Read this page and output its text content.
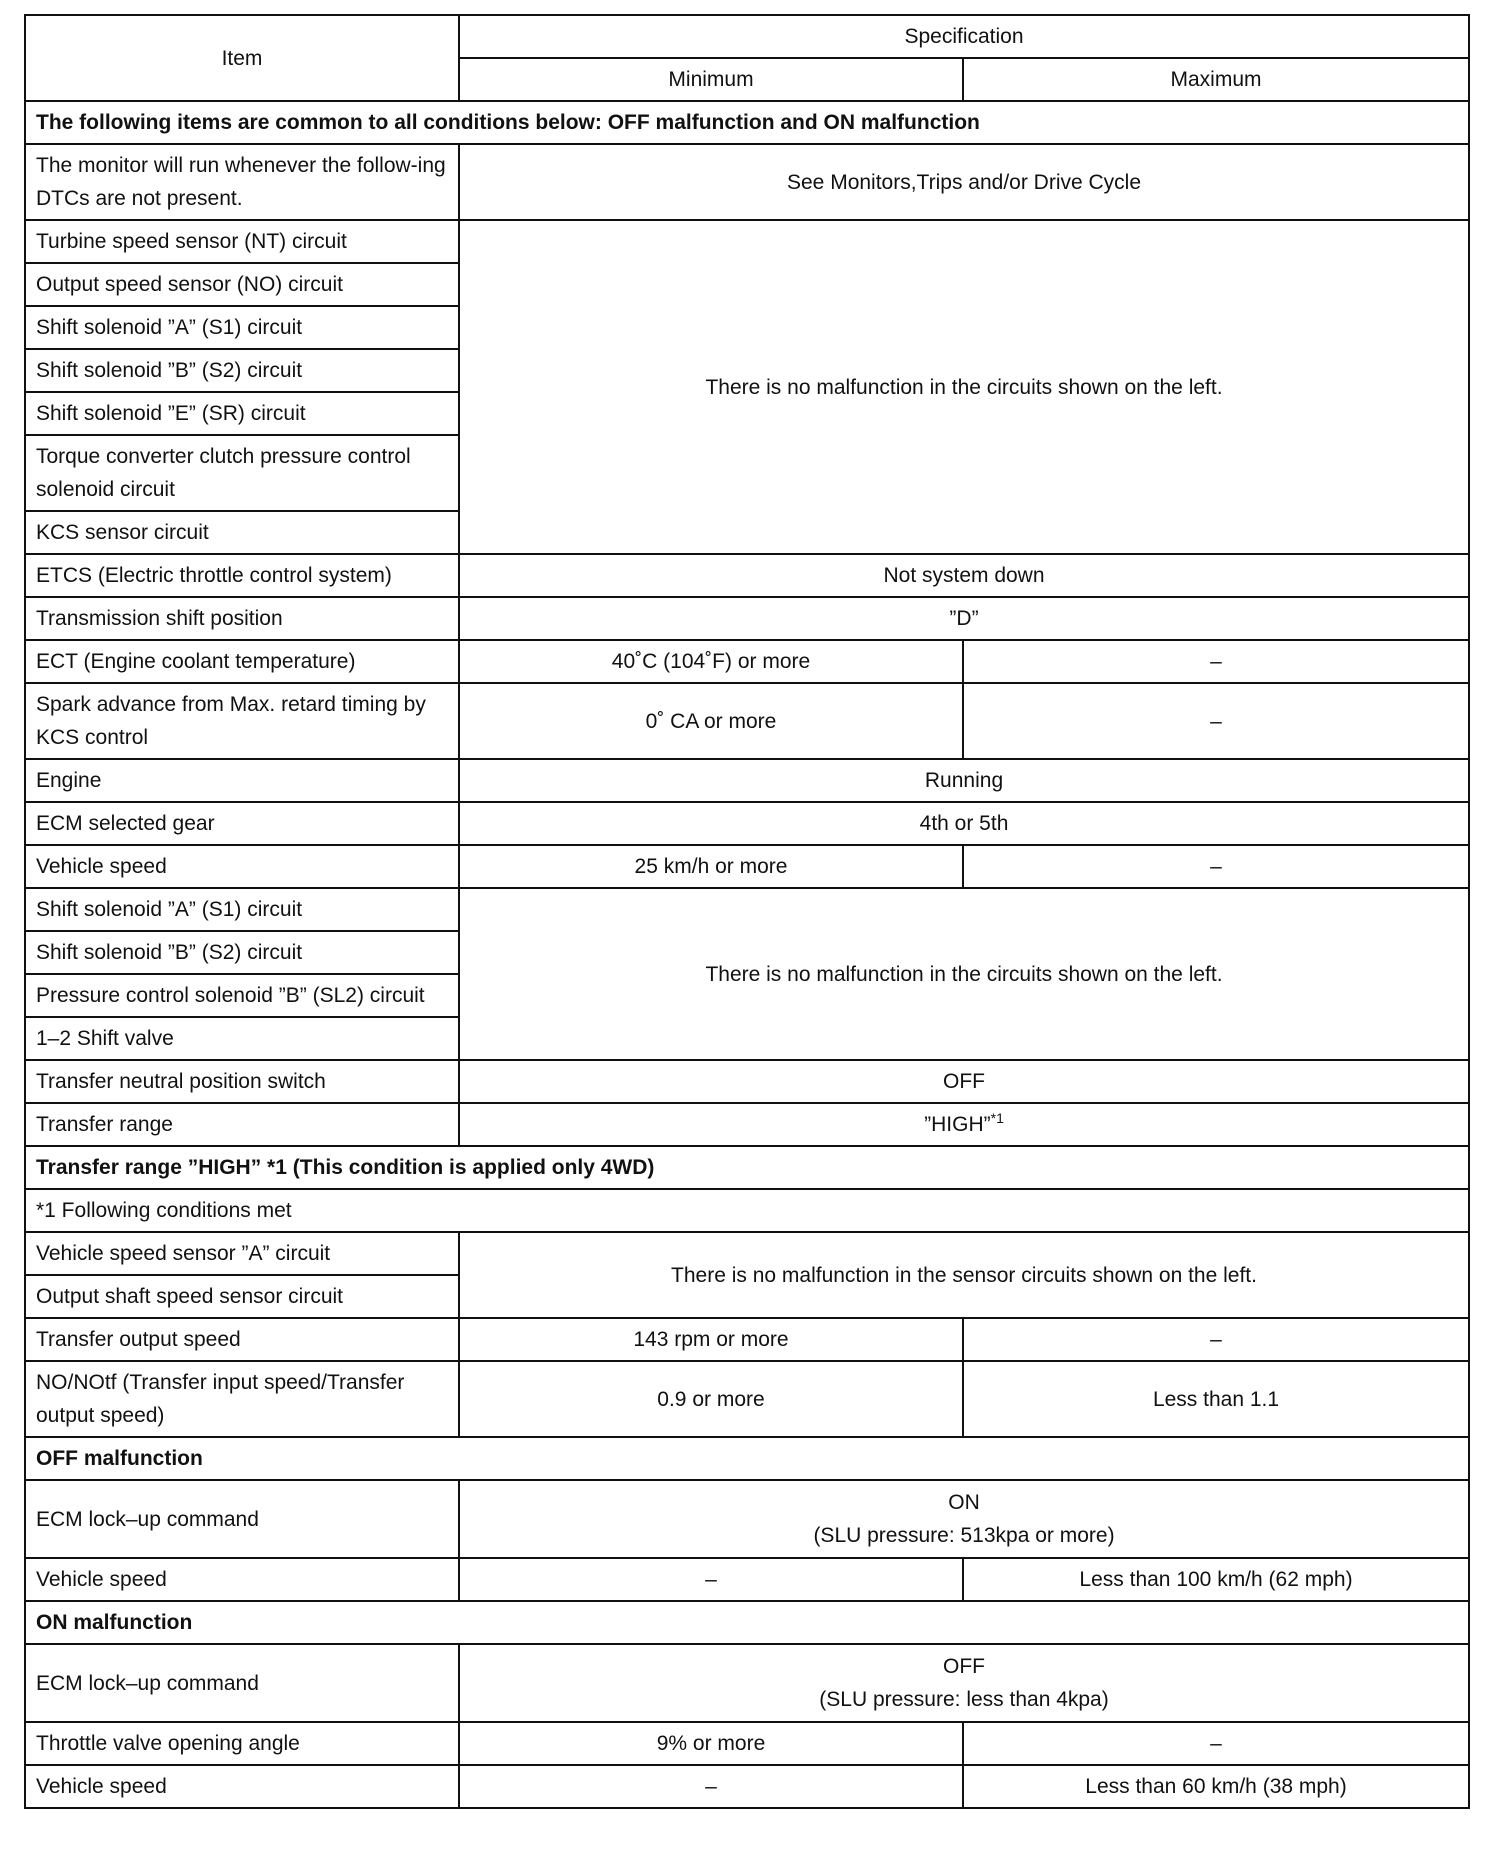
Item	Specification	
	Minimum	Maximum
The following items are common to all conditions below: OFF malfunction and ON malfunction		
The monitor will run whenever the follow-ing DTCs are not present.	See Monitors,Trips and/or Drive Cycle	
Turbine speed sensor (NT) circuit	There is no malfunction in the circuits shown on the left.	
Output speed sensor (NO) circuit		
Shift solenoid ”A” (S1) circuit		
Shift solenoid ”B” (S2) circuit		
Shift solenoid ”E” (SR) circuit		
Torque converter clutch pressure control solenoid circuit		
KCS sensor circuit		
ETCS (Electric throttle control system)	Not system down	
Transmission shift position	”D”	
ECT (Engine coolant temperature)	40˚C (104˚F) or more	–
Spark advance from Max. retard timing by KCS control	0˚ CA or more	–
Engine	Running	
ECM selected gear	4th or 5th	
Vehicle speed	25 km/h or more	–
Shift solenoid ”A” (S1) circuit	There is no malfunction in the circuits shown on the left.	
Shift solenoid ”B” (S2) circuit		
Pressure control solenoid ”B” (SL2) circuit		
1–2 Shift valve		
Transfer neutral position switch	OFF	
Transfer range	”HIGH”$^{*1}$
Transfer range ”HIGH” *1 (This condition is applied only 4WD)		
*1 Following conditions met		
Vehicle speed sensor ”A” circuit	There is no malfunction in the sensor circuits shown on the left.	
Output shaft speed sensor circuit		
Transfer output speed	143 rpm or more	–
NO/NOtf (Transfer input speed/Transfer output speed)	0.9 or more	Less than 1.1
OFF malfunction		
ECM lock–up command	ON
(SLU pressure: 513kpa or more)	

Vehicle speed	–	Less than 100 km/h (62 mph)
ON malfunction		
ECM lock–up command	OFF
(SLU pressure: less than 4kpa)	

Throttle valve opening angle	9% or more	–
Vehicle speed	–	Less than 60 km/h (38 mph)
